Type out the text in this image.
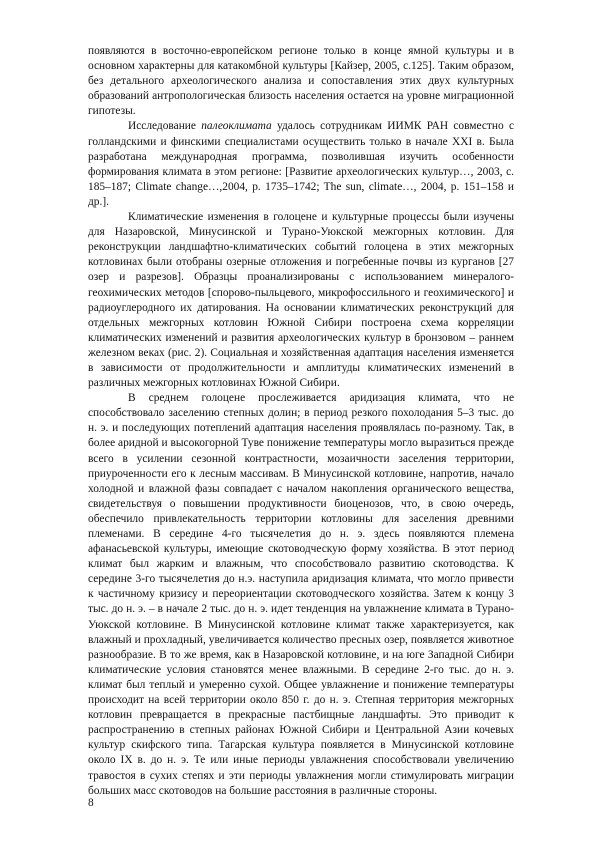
появляются в восточно-европейском регионе только в конце ямной культуры и в основном характерны для катакомбной культуры [Кайзер, 2005, с.125]. Таким образом, без детального археологического анализа и сопоставления этих двух культурных образований антропологическая близость населения остается на уровне миграционной гипотезы.

Исследование палеоклимата удалось сотрудникам ИИМК РАН совместно с голландскими и финскими специалистами осуществить только в начале XXI в. Была разработана международная программа, позволившая изучить особенности формирования климата в этом регионе: [Развитие археологических культур…, 2003, с. 185–187; Climate change…,2004, p. 1735–1742; The sun, climate…, 2004, p. 151–158 и др.].

Климатические изменения в голоцене и культурные процессы были изучены для Назаровской, Минусинской и Турано-Уюкской межгорных котловин. Для реконструкции ландшафтно-климатических событий голоцена в этих межгорных котловинах были отобраны озерные отложения и погребенные почвы из курганов [27 озер и разрезов]. Образцы проанализированы с использованием минералого-геохимических методов [спорово-пыльцевого, микрофоссильного и геохимического] и радиоуглеродного их датирования. На основании климатических реконструкций для отдельных межгорных котловин Южной Сибири построена схема корреляции климатических изменений и развития археологических культур в бронзовом – раннем железном веках (рис. 2). Социальная и хозяйственная адаптация населения изменяется в зависимости от продолжительности и амплитуды климатических изменений в различных межгорных котловинах Южной Сибири.

В среднем голоцене прослеживается аридизация климата, что не способствовало заселению степных долин; в период резкого похолодания 5–3 тыс. до н. э. и последующих потеплений адаптация населения проявлялась по-разному. Так, в более аридной и высокогорной Туве понижение температуры могло выразиться прежде всего в усилении сезонной контрастности, мозаичности заселения территории, приуроченности его к лесным массивам. В Минусинской котловине, напротив, начало холодной и влажной фазы совпадает с началом накопления органического вещества, свидетельствуя о повышении продуктивности биоценозов, что, в свою очередь, обеспечило привлекательность территории котловины для заселения древними племенами. В середине 4-го тысячелетия до н. э. здесь появляются племена афанасьевской культуры, имеющие скотоводческую форму хозяйства. В этот период климат был жарким и влажным, что способствовало развитию скотоводства. К середине 3-го тысячелетия до н.э. наступила аридизация климата, что могло привести к частичному кризису и переориентации скотоводческого хозяйства. Затем к концу 3 тыс. до н. э. – в начале 2 тыс. до н. э. идет тенденция на увлажнение климата в Турано-Уюкской котловине. В Минусинской котловине климат также характеризуется, как влажный и прохладный, увеличивается количество пресных озер, появляется животное разнообразие. В то же время, как в Назаровской котловине, и на юге Западной Сибири климатические условия становятся менее влажными. В середине 2-го тыс. до н. э. климат был теплый и умеренно сухой. Общее увлажнение и понижение температуры происходит на всей территории около 850 г. до н. э. Степная территория межгорных котловин превращается в прекрасные пастбищные ландшафты. Это приводит к распространению в степных районах Южной Сибири и Центральной Азии кочевых культур скифского типа. Тагарская культура появляется в Минусинской котловине около IX в. до н. э. Те или иные периоды увлажнения способствовали увеличению травостоя в сухих степях и эти периоды увлажнения могли стимулировать миграции больших масс скотоводов на большие расстояния в различные стороны.

8
